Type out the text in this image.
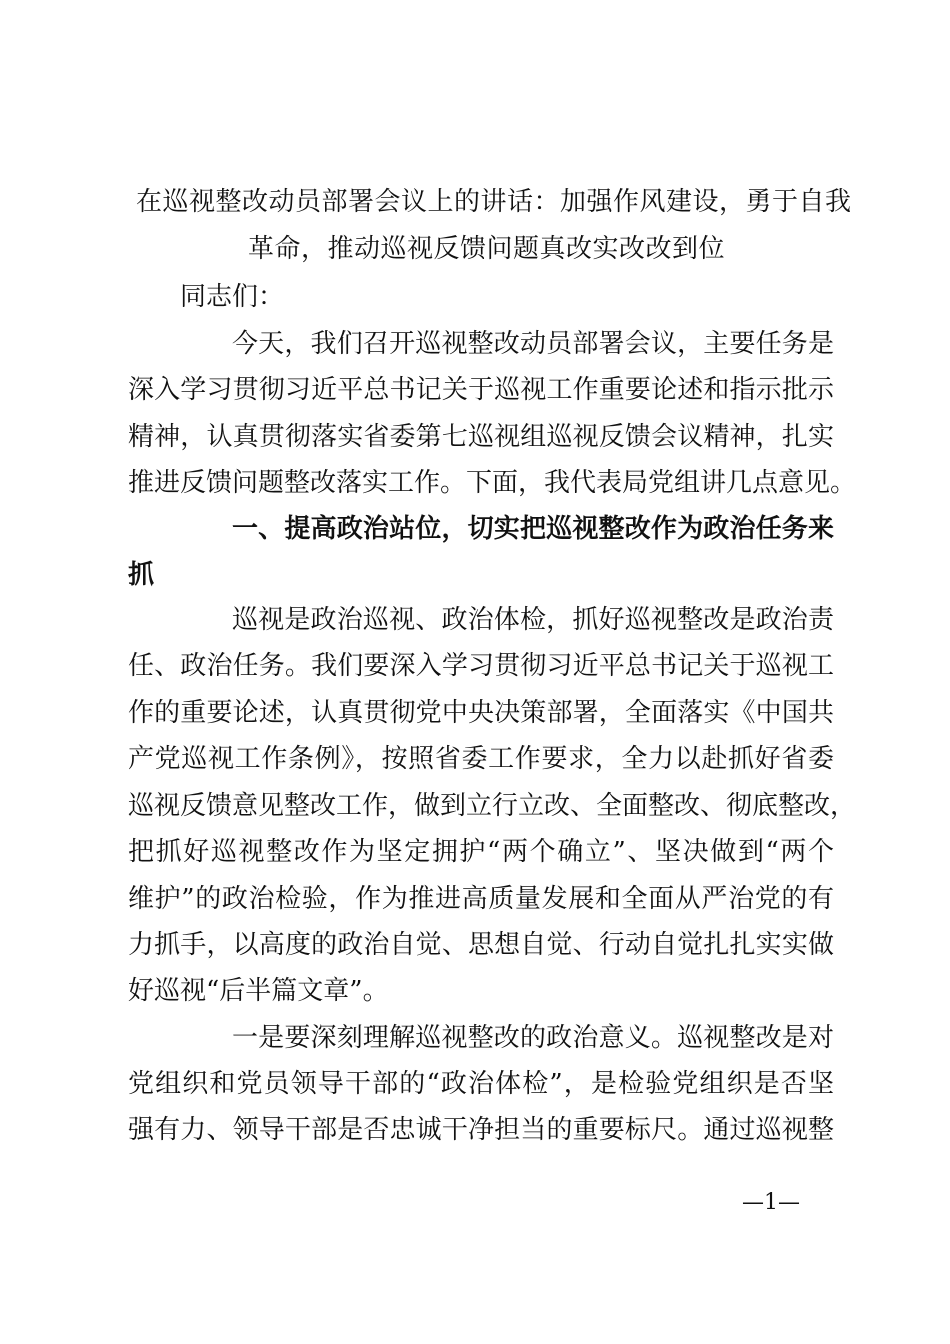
在巡视整改动员部署会议上的讲话：加强作风建设，勇于自我
革命，推动巡视反馈问题真改实改改到位
同志们：
今天，我们召开巡视整改动员部署会议，主要任务是
深入学习贯彻习近平总书记关于巡视工作重要论述和指示批示
精神，认真贯彻落实省委第七巡视组巡视反馈会议精神，扎实
推进反馈问题整改落实工作。下面，我代表局党组讲几点意见。
一、提高政治站位，切实把巡视整改作为政治任务来
抓
巡视是政治巡视、政治体检，抓好巡视整改是政治责
任、政治任务。我们要深入学习贯彻习近平总书记关于巡视工
作的重要论述，认真贯彻党中央决策部署，全面落实《中国共
产党巡视工作条例》，按照省委工作要求，全力以赴抓好省委
巡视反馈意见整改工作，做到立行立改、全面整改、彻底整改，
把抓好巡视整改作为坚定拥护“两个确立”、坚决做到“两个
维护”的政治检验，作为推进高质量发展和全面从严治党的有
力抓手，以高度的政治自觉、思想自觉、行动自觉扎扎实实做
好巡视“后半篇文章”。
一是要深刻理解巡视整改的政治意义。巡视整改是对
党组织和党员领导干部的“政治体检”，是检验党组织是否坚
强有力、领导干部是否忠诚干净担当的重要标尺。通过巡视整
—1—
